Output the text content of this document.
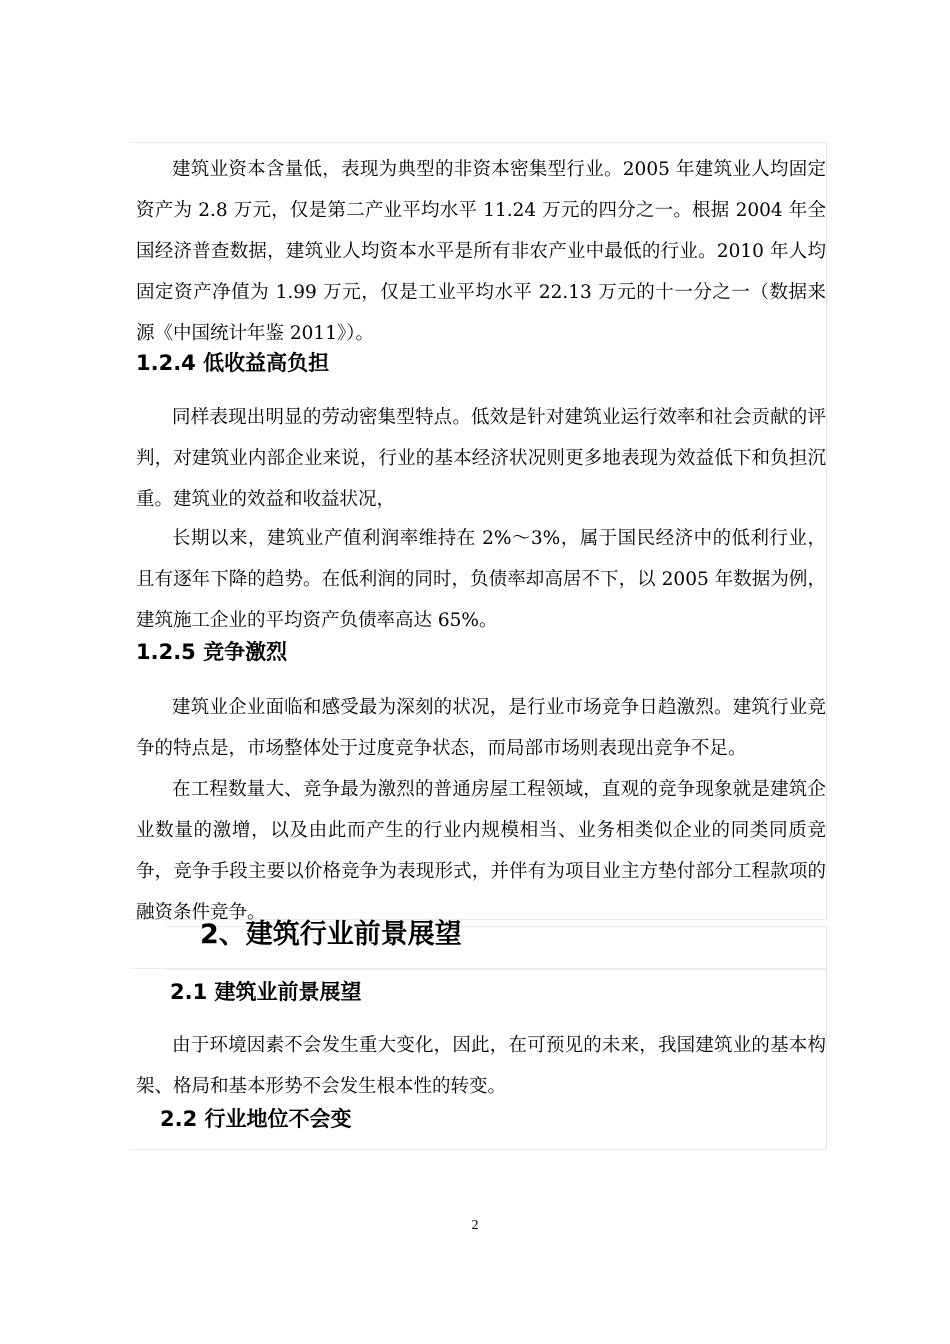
建筑业资本含量低，表现为典型的非资本密集型行业。2005 年建筑业人均固定资产为 2.8 万元，仅是第二产业平均水平 11.24 万元的四分之一。根据 2004 年全国经济普查数据，建筑业人均资本水平是所有非农产业中最低的行业。2010 年人均固定资产净值为 1.99 万元，仅是工业平均水平 22.13 万元的十一分之一（数据来源《中国统计年鉴 2011》）。

1.2.4 低收益高负担

同样表现出明显的劳动密集型特点。低效是针对建筑业运行效率和社会贡献的评判，对建筑业内部企业来说，行业的基本经济状况则更多地表现为效益低下和负担沉重。建筑业的效益和收益状况，

长期以来，建筑业产值利润率维持在 2%～3%，属于国民经济中的低利行业，且有逐年下降的趋势。在低利润的同时，负债率却高居不下，以 2005 年数据为例，建筑施工企业的平均资产负债率高达 65%。

1.2.5 竞争激烈

建筑业企业面临和感受最为深刻的状况，是行业市场竞争日趋激烈。建筑行业竞争的特点是，市场整体处于过度竞争状态，而局部市场则表现出竞争不足。

在工程数量大、竞争最为激烈的普通房屋工程领域，直观的竞争现象就是建筑企业数量的激增，以及由此而产生的行业内规模相当、业务相类似企业的同类同质竞争，竞争手段主要以价格竞争为表现形式，并伴有为项目业主方垫付部分工程款项的融资条件竞争。

2、建筑行业前景展望
2.1 建筑业前景展望

由于环境因素不会发生重大变化，因此，在可预见的未来，我国建筑业的基本构架、格局和基本形势不会发生根本性的转变。

2.2 行业地位不会变
2
